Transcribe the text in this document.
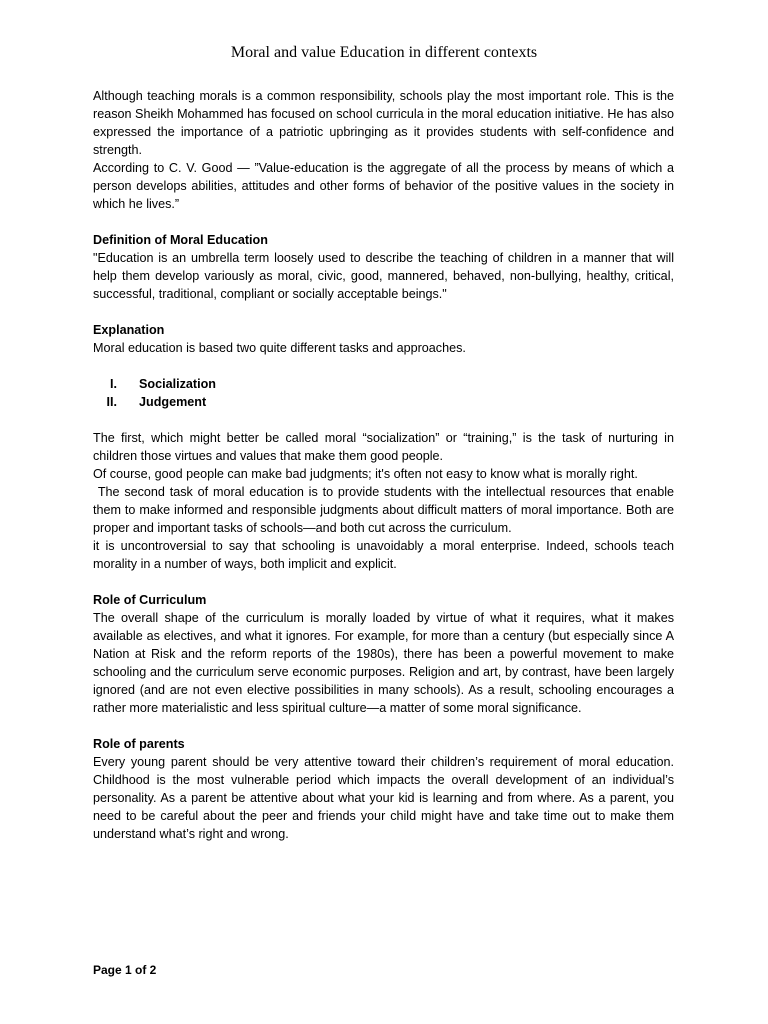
Moral and value Education in different contexts

Although teaching morals is a common responsibility, schools play the most important role. This is the reason Sheikh Mohammed has focused on school curricula in the moral education initiative. He has also expressed the importance of a patriotic upbringing as it provides students with self-confidence and strength.

According to C. V. Good — ”Value-education is the aggregate of all the process by means of which a person develops abilities, attitudes and other forms of behavior of the positive values in the society in which he lives.”

Definition of Moral Education

"Education is an umbrella term loosely used to describe the teaching of children in a manner that will help them develop variously as moral, civic, good, mannered, behaved, non-bullying, healthy, critical, successful, traditional, compliant or socially acceptable beings."

Explanation

Moral education is based two quite different tasks and approaches.

I. Socialization
II. Judgement

The first, which might better be called moral “socialization” or “training,” is the task of nurturing in children those virtues and values that make them good people.

Of course, good people can make bad judgments; it's often not easy to know what is morally right.

The second task of moral education is to provide students with the intellectual resources that enable them to make informed and responsible judgments about difficult matters of moral importance. Both are proper and important tasks of schools—and both cut across the curriculum.

it is uncontroversial to say that schooling is unavoidably a moral enterprise. Indeed, schools teach morality in a number of ways, both implicit and explicit.

Role of Curriculum

The overall shape of the curriculum is morally loaded by virtue of what it requires, what it makes available as electives, and what it ignores. For example, for more than a century (but especially since A Nation at Risk and the reform reports of the 1980s), there has been a powerful movement to make schooling and the curriculum serve economic purposes. Religion and art, by contrast, have been largely ignored (and are not even elective possibilities in many schools). As a result, schooling encourages a rather more materialistic and less spiritual culture—a matter of some moral significance.

Role of parents

Every young parent should be very attentive toward their children’s requirement of moral education. Childhood is the most vulnerable period which impacts the overall development of an individual’s personality. As a parent be attentive about what your kid is learning and from where. As a parent, you need to be careful about the peer and friends your child might have and take time out to make them understand what’s right and wrong.

Page 1 of 2
